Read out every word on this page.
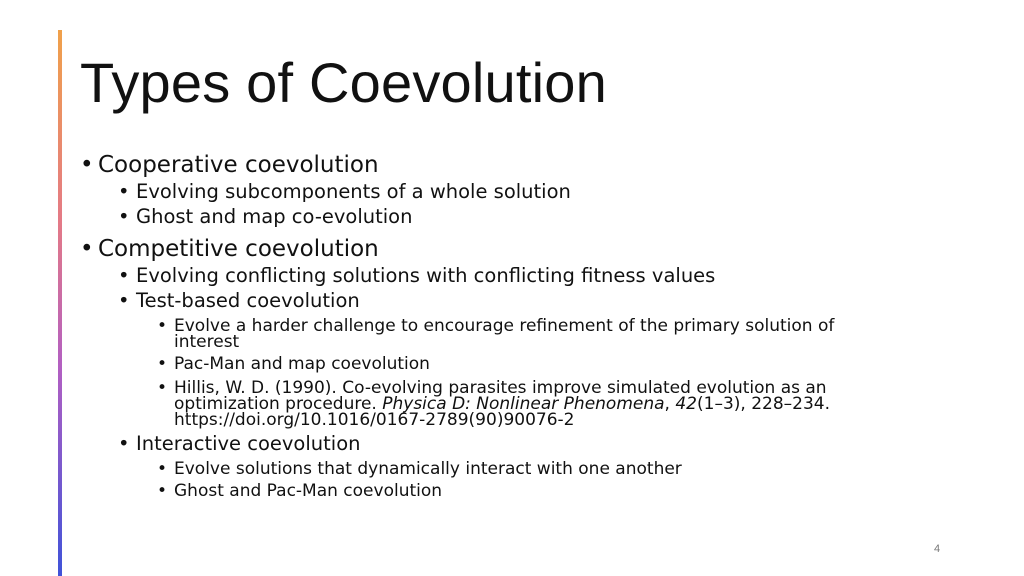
Types of Coevolution
• Cooperative coevolution
• Evolving subcomponents of a whole solution
• Ghost and map co-evolution
• Competitive coevolution
• Evolving conflicting solutions with conflicting fitness values
• Test-based coevolution
• Evolve a harder challenge to encourage refinement of the primary solution of
interest
• Pac-Man and map coevolution
• Hillis, W. D. (1990). Co-evolving parasites improve simulated evolution as an
optimization procedure. Physica D: Nonlinear Phenomena, 42(1–3), 228–234.
https://doi.org/10.1016/0167-2789(90)90076-2
• Interactive coevolution
• Evolve solutions that dynamically interact with one another
• Ghost and Pac-Man coevolution
4
